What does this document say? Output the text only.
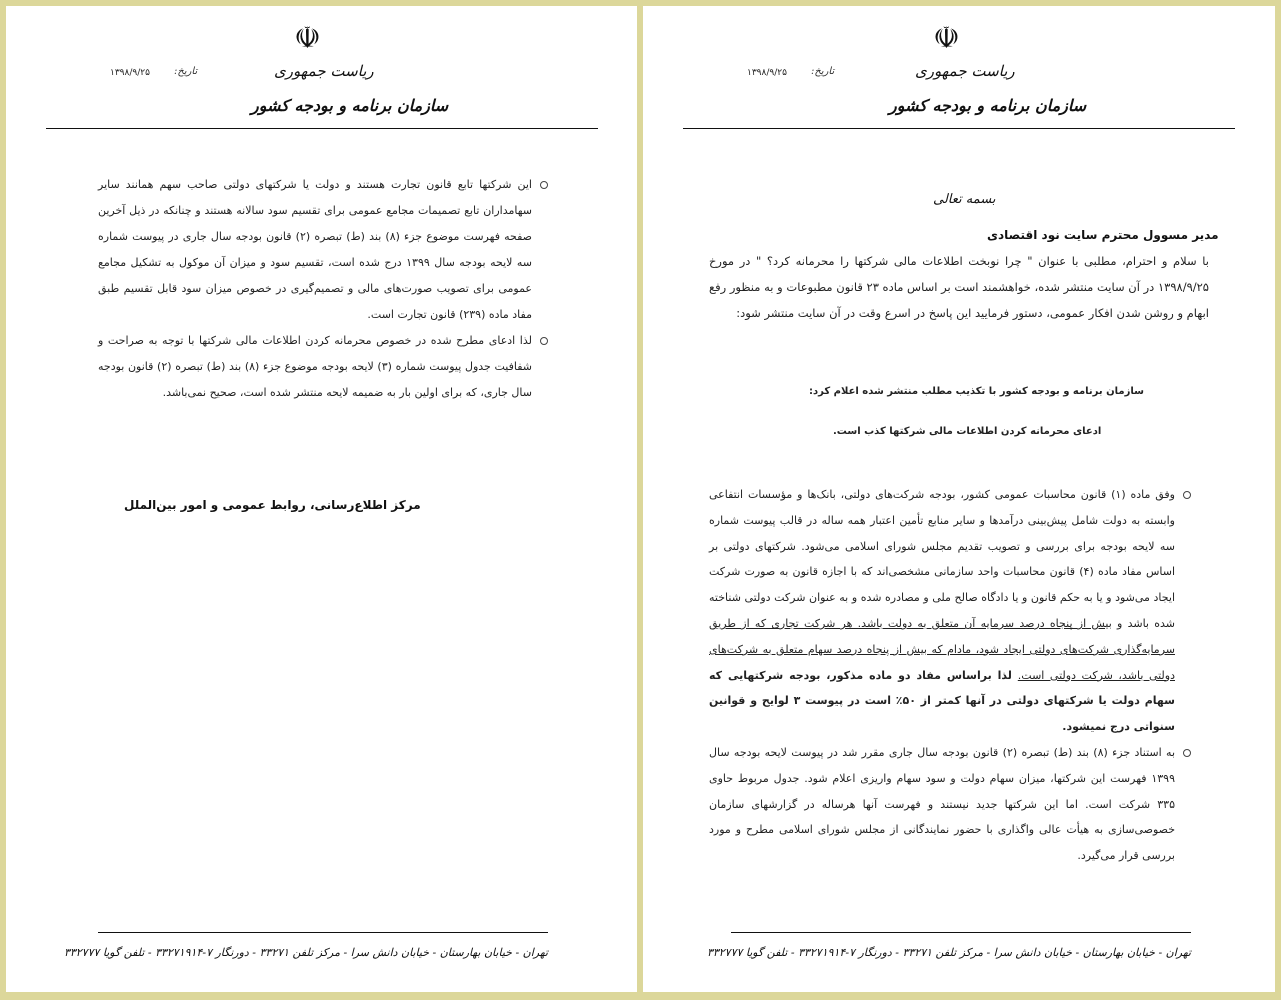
☫
ریاست جمهوری
سازمان برنامه و بودجه کشور
تاریخ:
۱۳۹۸/۹/۲۵
این شرکتها تابع قانون تجارت هستند و دولت یا شرکتهای دولتی صاحب سهم همانند سایر سهامداران تابع تصمیمات مجامع عمومی برای تقسیم سود سالانه هستند و چنانکه در ذیل آخرین صفحه فهرست موضوع جزء (۸) بند (ط) تبصره (۲) قانون بودجه سال جاری در پیوست شماره سه لایحه بودجه سال ۱۳۹۹ درج شده است، تقسیم سود و میزان آن موکول به تشکیل مجامع عمومی برای تصویب صورت‌های مالی و تصمیم‌گیری در خصوص میزان سود قابل تقسیم طبق مفاد ماده (۲۳۹) قانون تجارت است.
لذا ادعای مطرح شده در خصوص محرمانه کردن اطلاعات مالی شرکتها با توجه به صراحت و شفافیت جدول پیوست شماره (۳) لایحه بودجه موضوع جزء (۸) بند (ط) تبصره (۲) قانون بودجه سال جاری، که برای اولین بار به ضمیمه لایحه منتشر شده است، صحیح نمی‌باشد.
مرکز اطلاع‌رسانی، روابط عمومی و امور بین‌الملل
تهران - خیابان بهارستان - خیابان دانش سرا - مرکز تلفن ۳۳۲۷۱ - دورنگار ۷-۳۳۲۷۱۹۱۴ - تلفن گویا ۳۳۲۷۷۷
☫
ریاست جمهوری
سازمان برنامه و بودجه کشور
تاریخ:
۱۳۹۸/۹/۲۵
بسمه تعالی
مدیر مسوول محترم سایت نود اقتصادی

با سلام و احترام، مطلبی با عنوان " چرا نوبخت اطلاعات مالی شرکتها را محرمانه کرد؟ " در مورخ ۱۳۹۸/۹/۲۵ در آن سایت منتشر شده، خواهشمند است بر اساس ماده ۲۳ قانون مطبوعات و به منظور رفع ابهام و روشن شدن افکار عمومی، دستور فرمایید این پاسخ در اسرع وقت در آن سایت منتشر شود:

سازمان برنامه و بودجه کشور با تکذیب مطلب منتشر شده اعلام کرد:
ادعای محرمانه کردن اطلاعات مالی شرکتها کذب است.
وفق ماده (۱) قانون محاسبات عمومی کشور، بودجه شرکت‌های دولتی، بانک‌ها و مؤسسات انتفاعی وابسته به دولت شامل پیش‌بینی درآمدها و سایر منابع تأمین اعتبار همه ساله در قالب پیوست شماره سه لایحه بودجه برای بررسی و تصویب تقدیم مجلس شورای اسلامی می‌شود. شرکتهای دولتی بر اساس مفاد ماده (۴) قانون محاسبات واحد سازمانی مشخصی‌اند که با اجازه قانون به صورت شرکت ایجاد می‌شود و یا به حکم قانون و یا دادگاه صالح ملی و مصادره شده و به عنوان شرکت دولتی شناخته شده باشد و بیش از پنجاه درصد سرمایه آن متعلق به دولت باشد. هر شرکت تجاری که از طریق سرمایه‌گذاری شرکت‌های دولتی ایجاد شود، مادام که بیش از پنجاه درصد سهام متعلق به شرکت‌های دولتی باشد، شرکت دولتی است. لذا براساس مفاد دو ماده مذکور، بودجه شرکتهایی که سهام دولت یا شرکتهای دولتی در آنها کمتر از ۵۰٪ است در پیوست ۳ لوایح و قوانین سنواتی درج نمیشود.
به استناد جزء (۸) بند (ط) تبصره (۲) قانون بودجه سال جاری مقرر شد در پیوست لایحه بودجه سال ۱۳۹۹ فهرست این شرکتها، میزان سهام دولت و سود سهام واریزی اعلام شود. جدول مربوط حاوی ۳۳۵ شرکت است. اما این شرکتها جدید نیستند و فهرست آنها هرساله در گزارشهای سازمان خصوصی‌سازی به هیأت عالی واگذاری با حضور نمایندگانی از مجلس شورای اسلامی مطرح و مورد بررسی قرار می‌گیرد.
تهران - خیابان بهارستان - خیابان دانش سرا - مرکز تلفن ۳۳۲۷۱ - دورنگار ۷-۳۳۲۷۱۹۱۴ - تلفن گویا ۳۳۲۷۷۷
